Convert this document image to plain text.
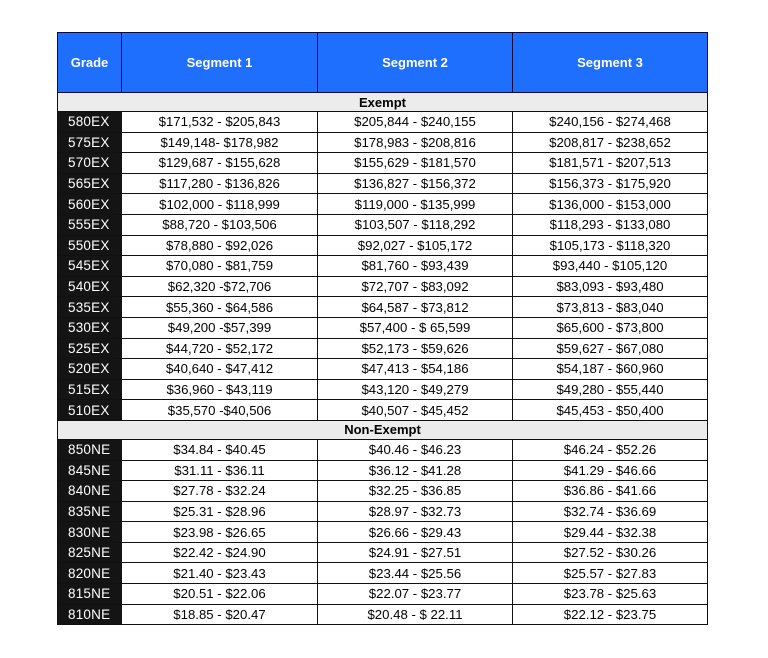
Grade	Segment 1	Segment 2	Segment 3
Exempt			
580EX	$171,532 - $205,843	$205,844 - $240,155	$240,156 - $274,468
575EX	$149,148- $178,982	$178,983 - $208,816	$208,817 - $238,652
570EX	$129,687 - $155,628	$155,629 - $181,570	$181,571 - $207,513
565EX	$117,280 - $136,826	$136,827 - $156,372	$156,373 - $175,920
560EX	$102,000 - $118,999	$119,000 - $135,999	$136,000 - $153,000
555EX	$88,720 - $103,506	$103,507 - $118,292	$118,293 - $133,080
550EX	$78,880 - $92,026	$92,027 - $105,172	$105,173 - $118,320
545EX	$70,080 - $81,759	$81,760 - $93,439	$93,440 - $105,120
540EX	$62,320 -$72,706	$72,707 - $83,092	$83,093 - $93,480
535EX	$55,360 - $64,586	$64,587 - $73,812	$73,813 - $83,040
530EX	$49,200 -$57,399	$57,400 - $ 65,599	$65,600 - $73,800
525EX	$44,720 - $52,172	$52,173 - $59,626	$59,627 - $67,080
520EX	$40,640 - $47,412	$47,413 - $54,186	$54,187 - $60,960
515EX	$36,960 - $43,119	$43,120 - $49,279	$49,280 - $55,440
510EX	$35,570 -$40,506	$40,507 - $45,452	$45,453 - $50,400
Non-Exempt			
850NE	$34.84 - $40.45	$40.46 - $46.23	$46.24 - $52.26
845NE	$31.11 - $36.11	$36.12 - $41.28	$41.29 - $46.66
840NE	$27.78 - $32.24	$32.25 - $36.85	$36.86 - $41.66
835NE	$25.31 - $28.96	$28.97 - $32.73	$32.74 - $36.69
830NE	$23.98 - $26.65	$26.66 - $29.43	$29.44 - $32.38
825NE	$22.42 - $24.90	$24.91 - $27.51	$27.52 - $30.26
820NE	$21.40 - $23.43	$23.44 - $25.56	$25.57 - $27.83
815NE	$20.51 - $22.06	$22.07 - $23.77	$23.78 - $25.63
810NE	$18.85 - $20.47	$20.48 - $ 22.11	$22.12 - $23.75
